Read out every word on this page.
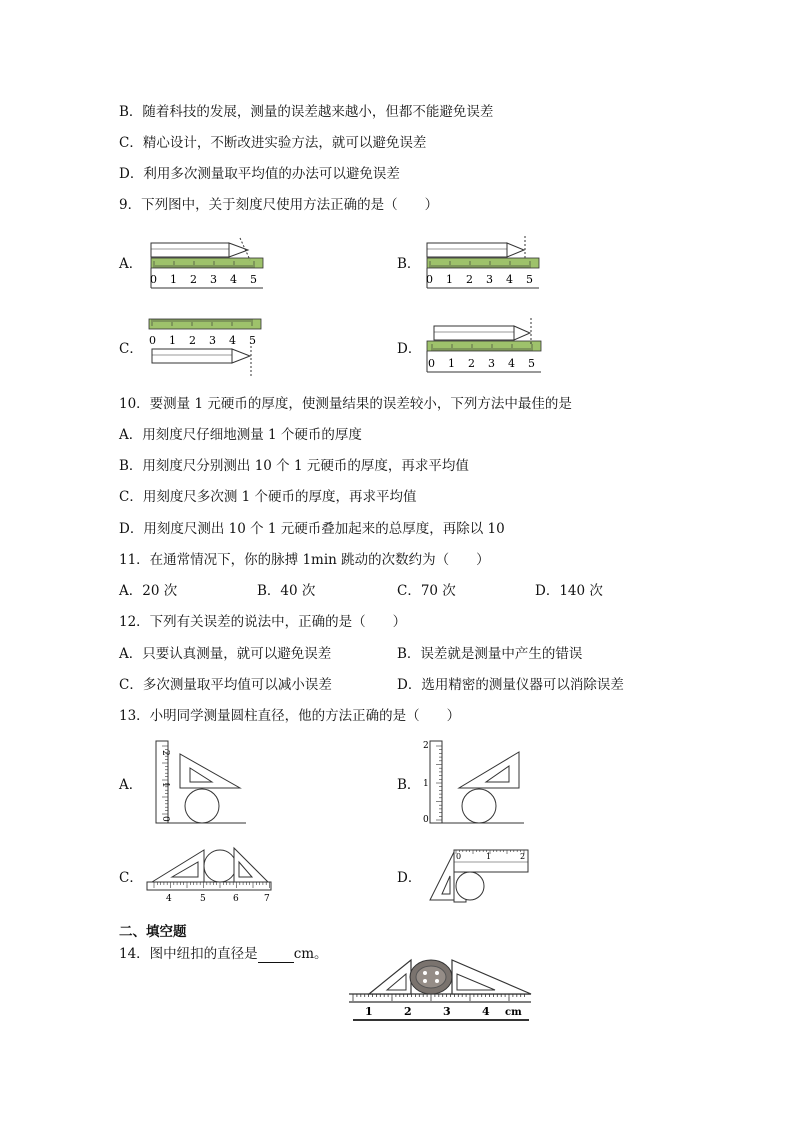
B．随着科技的发展，测量的误差越来越小，但都不能避免误差
C．精心设计，不断改进实验方法，就可以避免误差
D．利用多次测量取平均值的办法可以避免误差
9．下列图中，关于刻度尺使用方法正确的是（　　）
A．
0 1 2 3 4 5
B．
0 1 2 3 4 5
C．
0 1 2 3 4 5
D．
0 1 2 3 4 5
10．要测量 1 元硬币的厚度，使测量结果的误差较小，下列方法中最佳的是
A．用刻度尺仔细地测量 1 个硬币的厚度
B．用刻度尺分别测出 10 个 1 元硬币的厚度，再求平均值
C．用刻度尺多次测 1 个硬币的厚度，再求平均值
D．用刻度尺测出 10 个 1 元硬币叠加起来的总厚度，再除以 10
11．在通常情况下，你的脉搏 1min 跳动的次数约为（　　）
A．20 次	B．40 次	C．70 次	D．140 次
12．下列有关误差的说法中，正确的是（　　）
A．只要认真测量，就可以避免误差	B．误差就是测量中产生的错误
C．多次测量取平均值可以减小误差	D．选用精密的测量仪器可以消除误差
13．小明同学测量圆柱直径，他的方法正确的是（　　）
A．
2
1
0
B．
2
1
0
C．
4	5	6	7
D．
0	1	2
二、填空题
14．图中纽扣的直径是	cm。
1	2	3	4 cm
